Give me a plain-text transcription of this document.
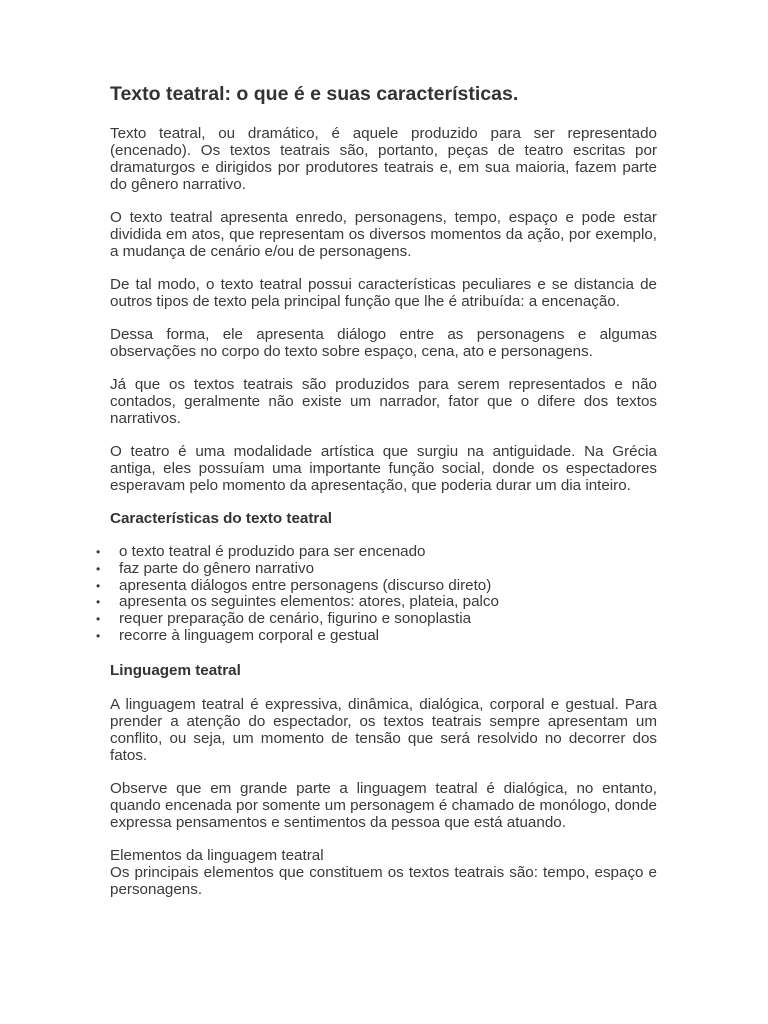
Texto teatral: o que é e suas características.

Texto teatral, ou dramático, é aquele produzido para ser representado (encenado). Os textos teatrais são, portanto, peças de teatro escritas por dramaturgos e dirigidos por produtores teatrais e, em sua maioria, fazem parte do gênero narrativo.

O texto teatral apresenta enredo, personagens, tempo, espaço e pode estar dividida em atos, que representam os diversos momentos da ação, por exemplo, a mudança de cenário e/ou de personagens.

De tal modo, o texto teatral possui características peculiares e se distancia de outros tipos de texto pela principal função que lhe é atribuída: a encenação.

Dessa forma, ele apresenta diálogo entre as personagens e algumas observações no corpo do texto sobre espaço, cena, ato e personagens.

Já que os textos teatrais são produzidos para serem representados e não contados, geralmente não existe um narrador, fator que o difere dos textos narrativos.

O teatro é uma modalidade artística que surgiu na antiguidade. Na Grécia antiga, eles possuíam uma importante função social, donde os espectadores esperavam pelo momento da apresentação, que poderia durar um dia inteiro.

Características do texto teatral
• o texto teatral é produzido para ser encenado
• faz parte do gênero narrativo
• apresenta diálogos entre personagens (discurso direto)
• apresenta os seguintes elementos: atores, plateia, palco
• requer preparação de cenário, figurino e sonoplastia
• recorre à linguagem corporal e gestual
Linguagem teatral

A linguagem teatral é expressiva, dinâmica, dialógica, corporal e gestual. Para prender a atenção do espectador, os textos teatrais sempre apresentam um conflito, ou seja, um momento de tensão que será resolvido no decorrer dos fatos.

Observe que em grande parte a linguagem teatral é dialógica, no entanto, quando encenada por somente um personagem é chamado de monólogo, donde expressa pensamentos e sentimentos da pessoa que está atuando.

Elementos da linguagem teatral

Os principais elementos que constituem os textos teatrais são: tempo, espaço e personagens.
